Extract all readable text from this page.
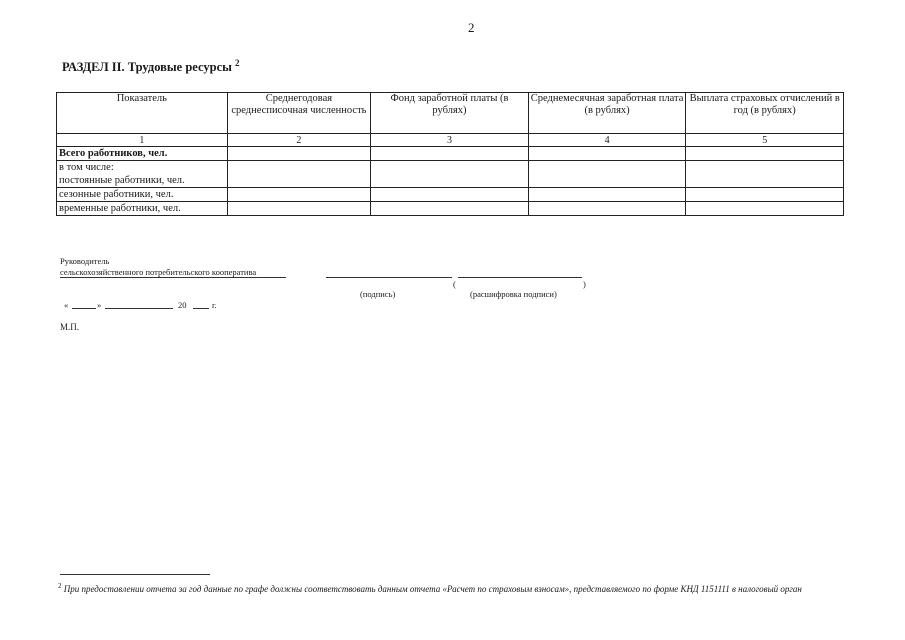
2
РАЗДЕЛ II. Трудовые ресурсы $^2$
Показатель	Среднегодовая среднесписочная численность	Фонд заработной платы (в рублях)	Среднемесячная заработная плата (в рублях)	Выплата страховых отчислений в год (в рублях)
1	2	3	4	5
Всего работников, чел.				

в том числе:
постоянные работники, чел.				

сезонные работники, чел.				
временные работники, чел.				
Руководитель
сельскохозяйственного потребительского кооператива
(	)
(подпись)	(расшифровка подписи)
«	»	20	г.
М.П.
$^2$ При предоставлении отчета за год данные по графе должны соответствовать данным отчета «Расчет по страховым взносам», представляемого по форме КНД 1151111 в налоговый орган
